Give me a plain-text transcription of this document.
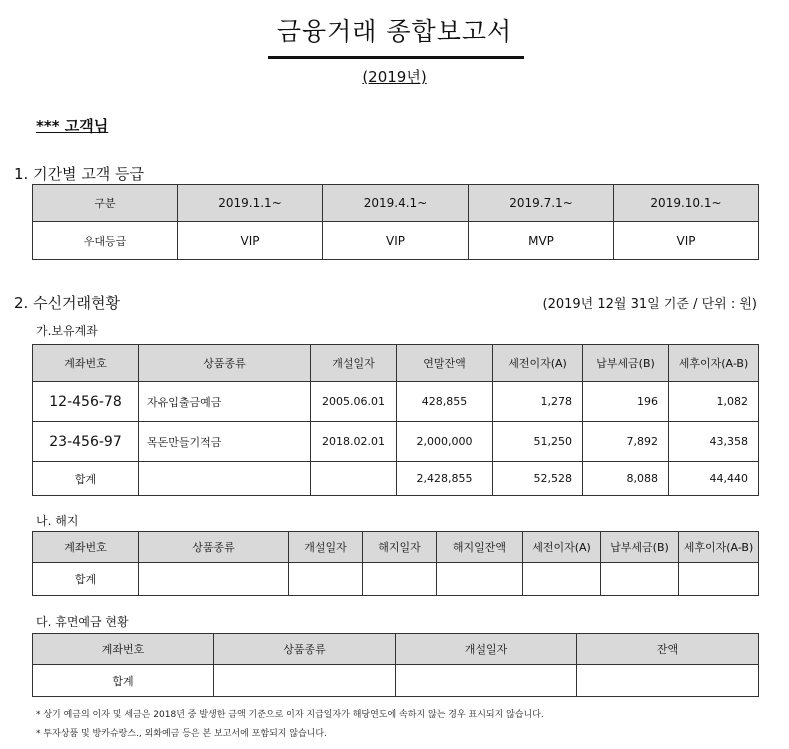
금융거래 종합보고서
(2019년)
*** 고객님
1. 기간별 고객 등급
구분	2019.1.1~	2019.4.1~	2019.7.1~	2019.10.1~
우대등급	VIP	VIP	MVP	VIP
2. 수신거래현황	(2019년 12월 31일 기준 / 단위 : 원)
가.보유계좌
계좌번호	상품종류	개설일자	연말잔액	세전이자(A)	납부세금(B)	세후이자(A-B)
12-456-78	자유입출금예금	2005.06.01	428,855	1,278	196	1,082
23-456-97	목돈만들기적금	2018.02.01	2,000,000	51,250	7,892	43,358
합계			2,428,855	52,528	8,088	44,440
나. 해지
계좌번호	상품종류	개설일자	해지일자	해지일잔액	세전이자(A)	납부세금(B)	세후이자(A-B)
합계							
다. 휴면예금 현황
계좌번호	상품종류	개설일자	잔액
합계			
* 상기 예금의 이자 및 세금은 2018년 중 발생한 금액 기준으로 이자 지급일자가 해당연도에 속하지 않는 경우 표시되지 않습니다.
* 투자상품 및 방카슈랑스., 외화예금 등은 본 보고서에 포함되지 않습니다.
